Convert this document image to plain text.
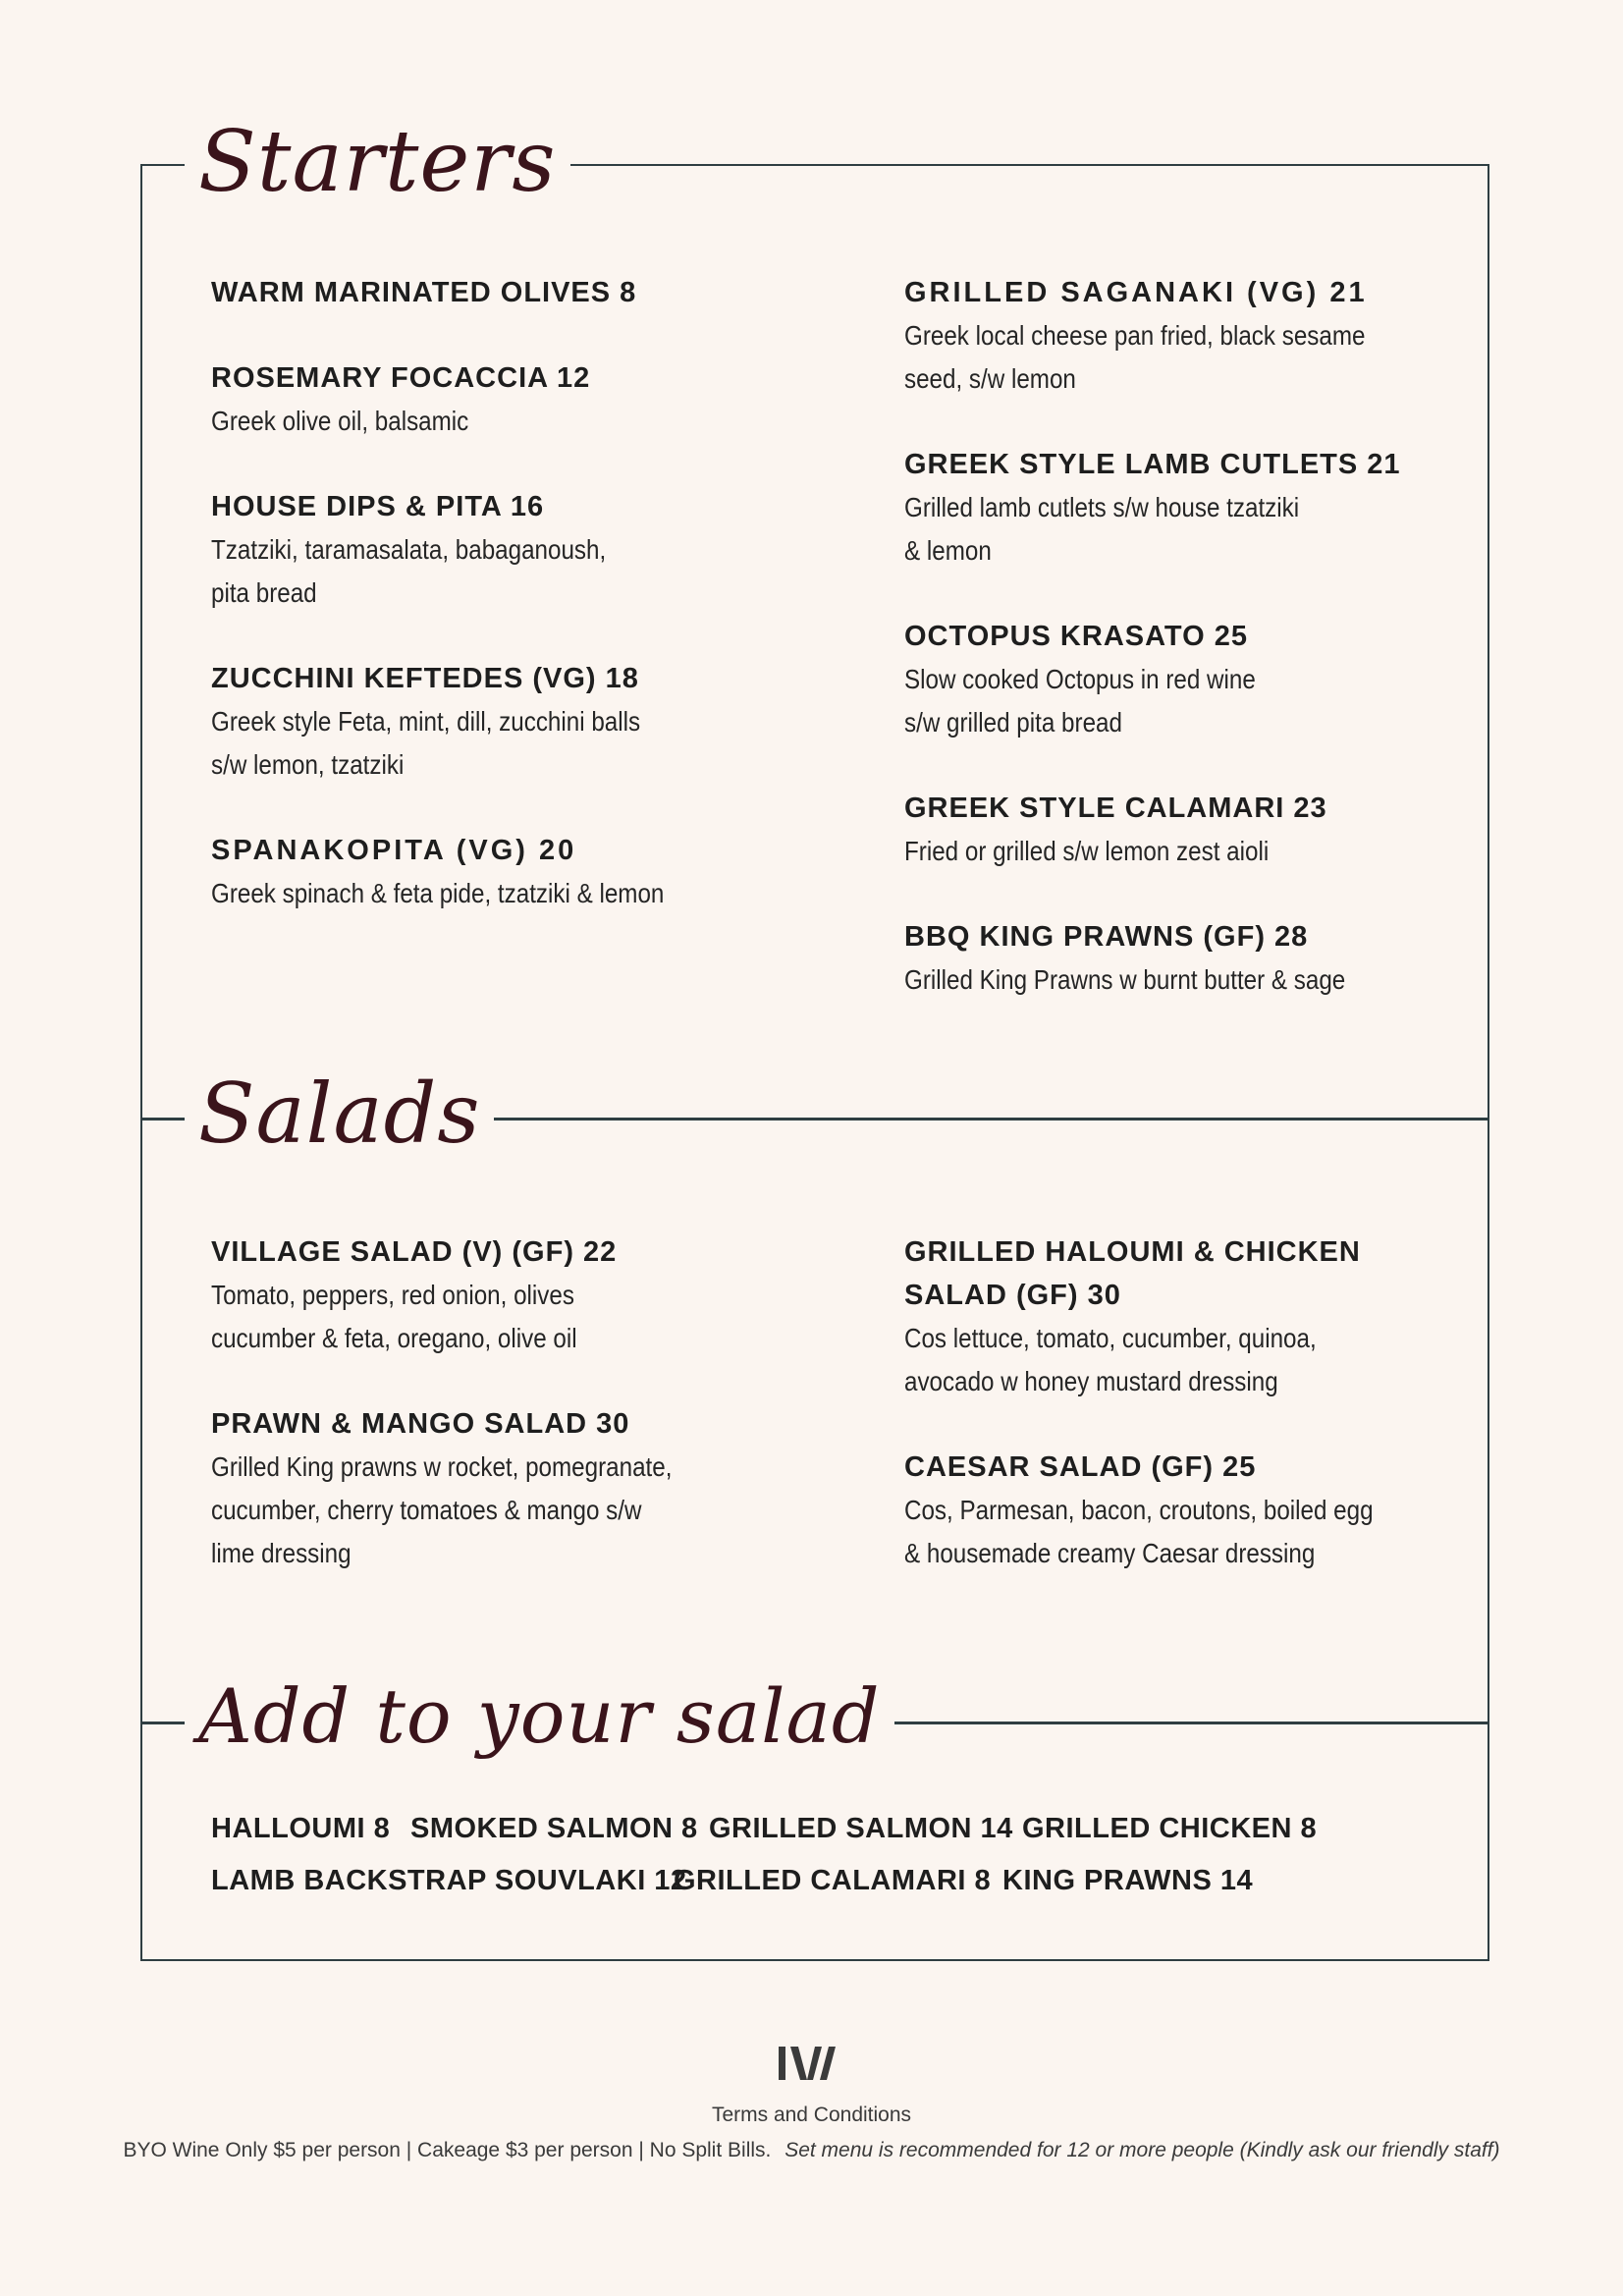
Starters
Salads
Add to your salad
WARM MARINATED OLIVES 8
ROSEMARY FOCACCIA 12
Greek olive oil, balsamic
HOUSE DIPS & PITA 16
Tzatziki, taramasalata, babaganoush,
pita bread
ZUCCHINI KEFTEDES (VG) 18
Greek style Feta, mint, dill, zucchini balls
s/w lemon, tzatziki
SPANAKOPITA (VG) 20
Greek spinach & feta pide, tzatziki & lemon
GRILLED SAGANAKI (VG) 21
Greek local cheese pan fried, black sesame
seed, s/w lemon
GREEK STYLE LAMB CUTLETS 21
Grilled lamb cutlets s/w house tzatziki
& lemon
OCTOPUS KRASATO 25
Slow cooked Octopus in red wine
s/w grilled pita bread
GREEK STYLE CALAMARI 23
Fried or grilled s/w lemon zest aioli
BBQ KING PRAWNS (GF) 28
Grilled King Prawns w burnt butter & sage
VILLAGE SALAD (V) (GF) 22
Tomato, peppers, red onion, olives
cucumber & feta, oregano, olive oil
PRAWN & MANGO SALAD 30
Grilled King prawns w rocket, pomegranate,
cucumber, cherry tomatoes & mango s/w
lime dressing
GRILLED HALOUMI & CHICKEN
SALAD (GF) 30
Cos lettuce, tomato, cucumber, quinoa,
avocado w honey mustard dressing
CAESAR SALAD (GF) 25
Cos, Parmesan, bacon, croutons, boiled egg
& housemade creamy Caesar dressing
HALLOUMI 8 SMOKED SALMON 8 GRILLED SALMON 14 GRILLED CHICKEN 8
LAMB BACKSTRAP SOUVLAKI 12
GRILLED CALAMARI 8 KING PRAWNS 14
Terms and Conditions
BYO Wine Only $5 per person | Cakeage $3 per person | No Split Bills. Set menu is recommended for 12 or more people (Kindly ask our friendly staff)
